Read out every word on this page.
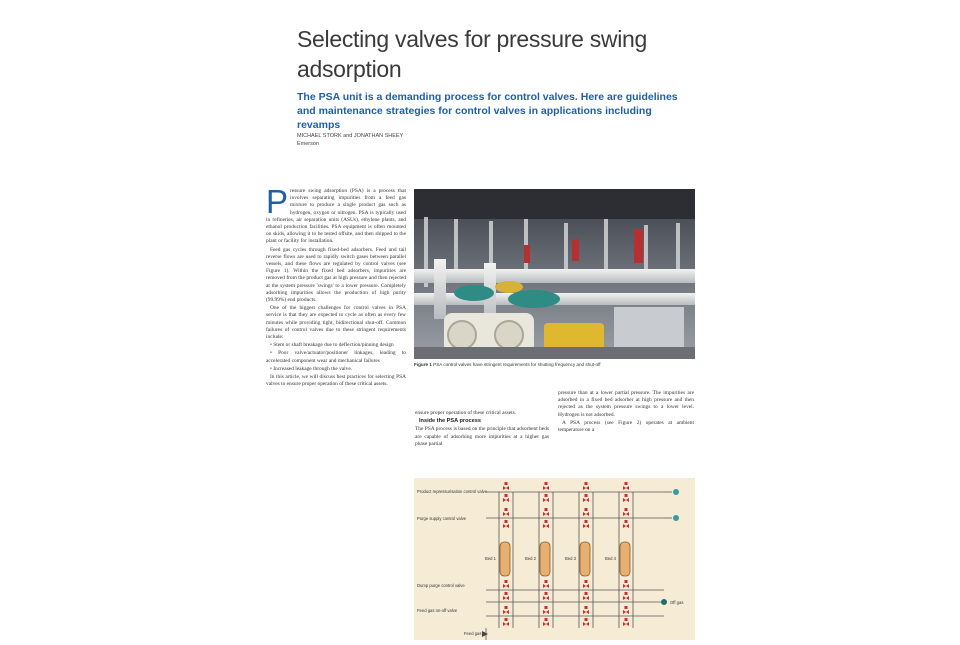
Selecting valves for pressure swing adsorption
The PSA unit is a demanding process for control valves. Here are guidelines and maintenance strategies for control valves in applications including revamps
MICHAEL STORK and JONATHAN SHEEY
Emerson
P ressure swing adsorption (PSA) is a process that involves separating impurities from a feed gas mixture to produce a single product gas such as hydrogen, oxygen or nitrogen. PSA is typically used in refineries, air separation units (ASUs), ethylene plants, and ethanol production facilities. PSA equipment is often mounted on skids, allowing it to be tested offsite, and then shipped to the plant or facility for installation.

Feed gas cycles through fixed-bed adsorbers. Feed and tail reverse flows are used to rapidly switch gases between parallel vessels, and these flows are regulated by control valves (see Figure 1). Within the fixed bed adsorbers, impurities are removed from the product gas at high pressure and then rejected at the system pressure 'swings' to a lower pressure. Completely adsorbing impurities allows the production of high purity (99.99%) end products.

One of the biggest challenges for control valves in PSA service is that they are expected to cycle as often as every few minutes while providing tight, bidirectional shut-off. Common failures of control valves due to these stringent requirements include:

• Stem or shaft breakage due to deflection/pinning design

• Poor valve/actuator/positioner linkages, leading to accelerated component wear and mechanical failures

• Increased leakage through the valve.

In this article, we will discuss best practices for selecting PSA valves to ensure proper operation of these critical assets.

Figure 1 PSA control valves have stringent requirements for shutting frequency and shut-off

ensure proper operation of these critical assets.

Inside the PSA process

The PSA process is based on the principle that adsorbent beds are capable of adsorbing more impurities at a higher gas phase partial

pressure than at a lower partial pressure. The impurities are adsorbed in a fixed bed adsorber at high pressure and then rejected as the system pressure swings to a lower level. Hydrogen is not adsorbed.

A PSA process (see Figure 2) operates at ambient temperature on a

Bed 1	Bed 2	Bed 3	Bed 4
Product repressurisation control valve
Purge supply control valve
Dump purge control valve
Feed gas on-off valve
Feed gas
Off gas
